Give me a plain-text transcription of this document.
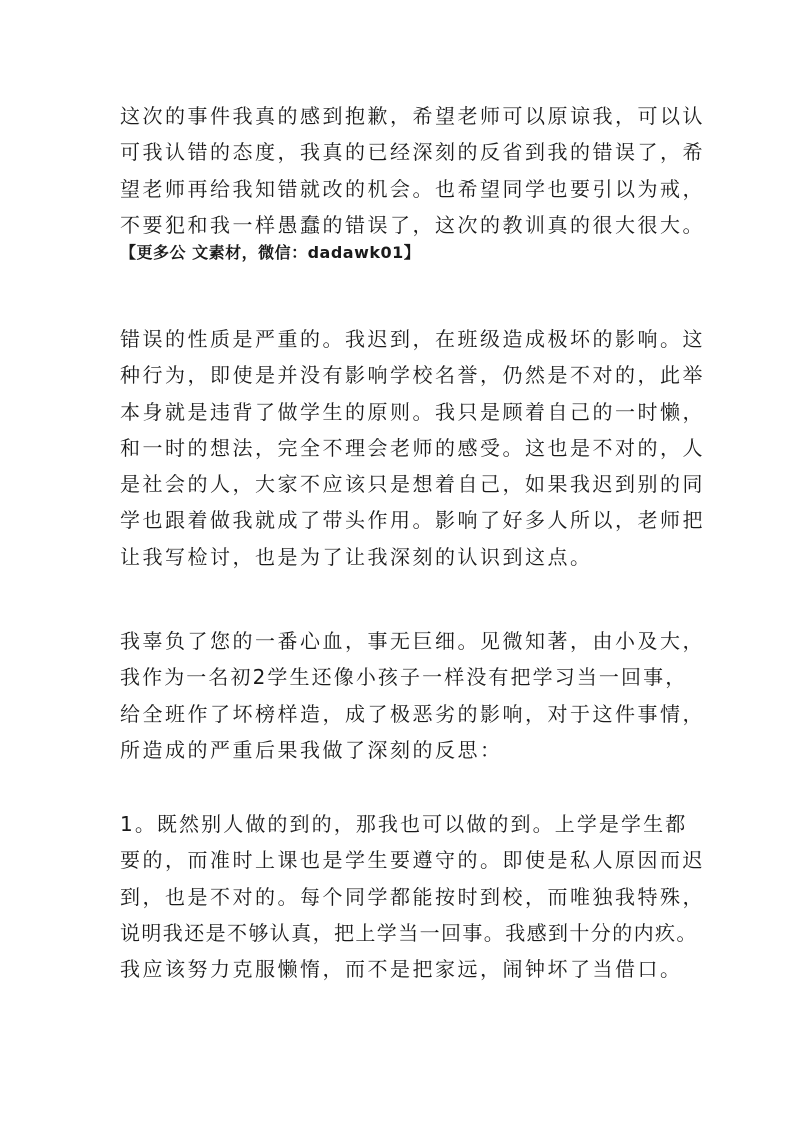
这次的事件我真的感到抱歉，希望老师可以原谅我，可以认
可我认错的态度，我真的已经深刻的反省到我的错误了，希
望老师再给我知错就改的机会。也希望同学也要引以为戒，
不要犯和我一样愚蠢的错误了，这次的教训真的很大很大。
【更多公 文素材，微信：dadawk01】
错误的性质是严重的。我迟到，在班级造成极坏的影响。这
种行为，即使是并没有影响学校名誉，仍然是不对的，此举
本身就是违背了做学生的原则。我只是顾着自己的一时懒，
和一时的想法，完全不理会老师的感受。这也是不对的，人
是社会的人，大家不应该只是想着自己，如果我迟到别的同
学也跟着做我就成了带头作用。影响了好多人所以，老师把
让我写检讨，也是为了让我深刻的认识到这点。
我辜负了您的一番心血，事无巨细。见微知著，由小及大，
我作为一名初2学生还像小孩子一样没有把学习当一回事，
给全班作了坏榜样造，成了极恶劣的影响，对于这件事情，
所造成的严重后果我做了深刻的反思：
1。既然别人做的到的，那我也可以做的到。上学是学生都
要的，而准时上课也是学生要遵守的。即使是私人原因而迟
到，也是不对的。每个同学都能按时到校，而唯独我特殊，
说明我还是不够认真，把上学当一回事。我感到十分的内疚。
我应该努力克服懒惰，而不是把家远，闹钟坏了当借口。
